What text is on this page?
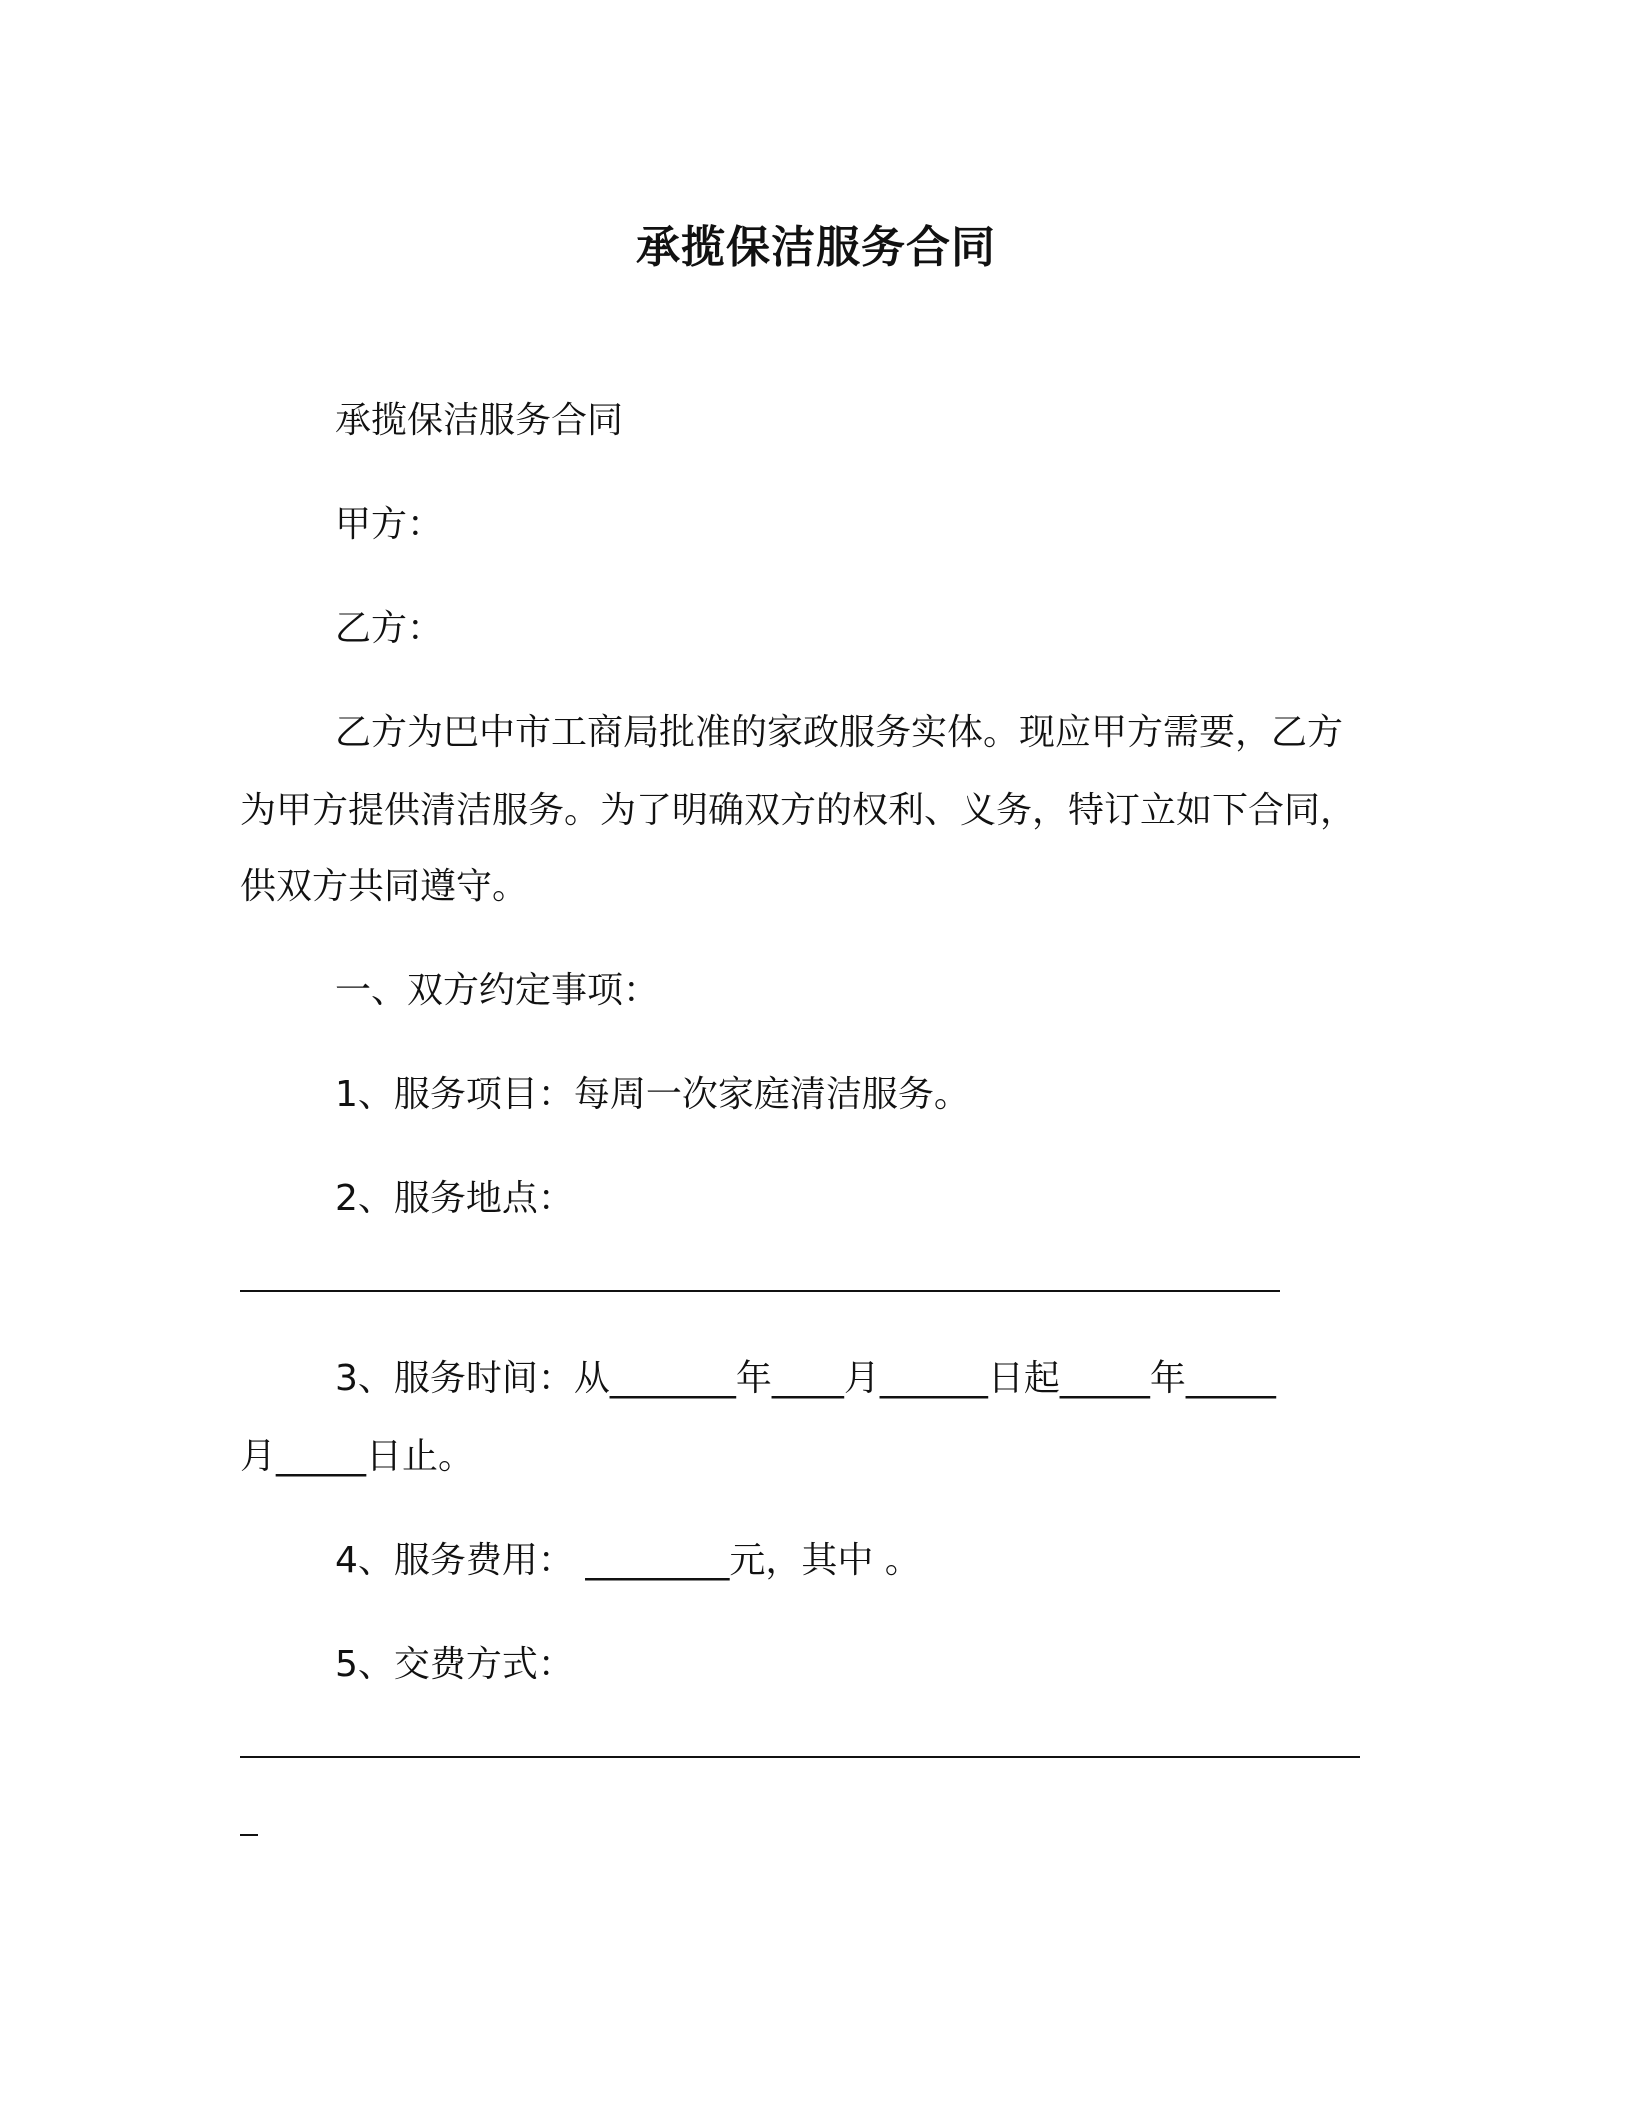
承揽保洁服务合同
承揽保洁服务合同
甲方：
乙方：
乙方为巴中市工商局批准的家政服务实体。现应甲方需要，乙方
为甲方提供清洁服务。为了明确双方的权利、义务，特订立如下合同，
供双方共同遵守。
一、双方约定事项：
1、服务项目：每周一次家庭清洁服务。
2、服务地点：
3、服务时间：从_______年____月______日起_____年_____
月_____日止。
4、服务费用： ________元，其中 。
5、交费方式：
